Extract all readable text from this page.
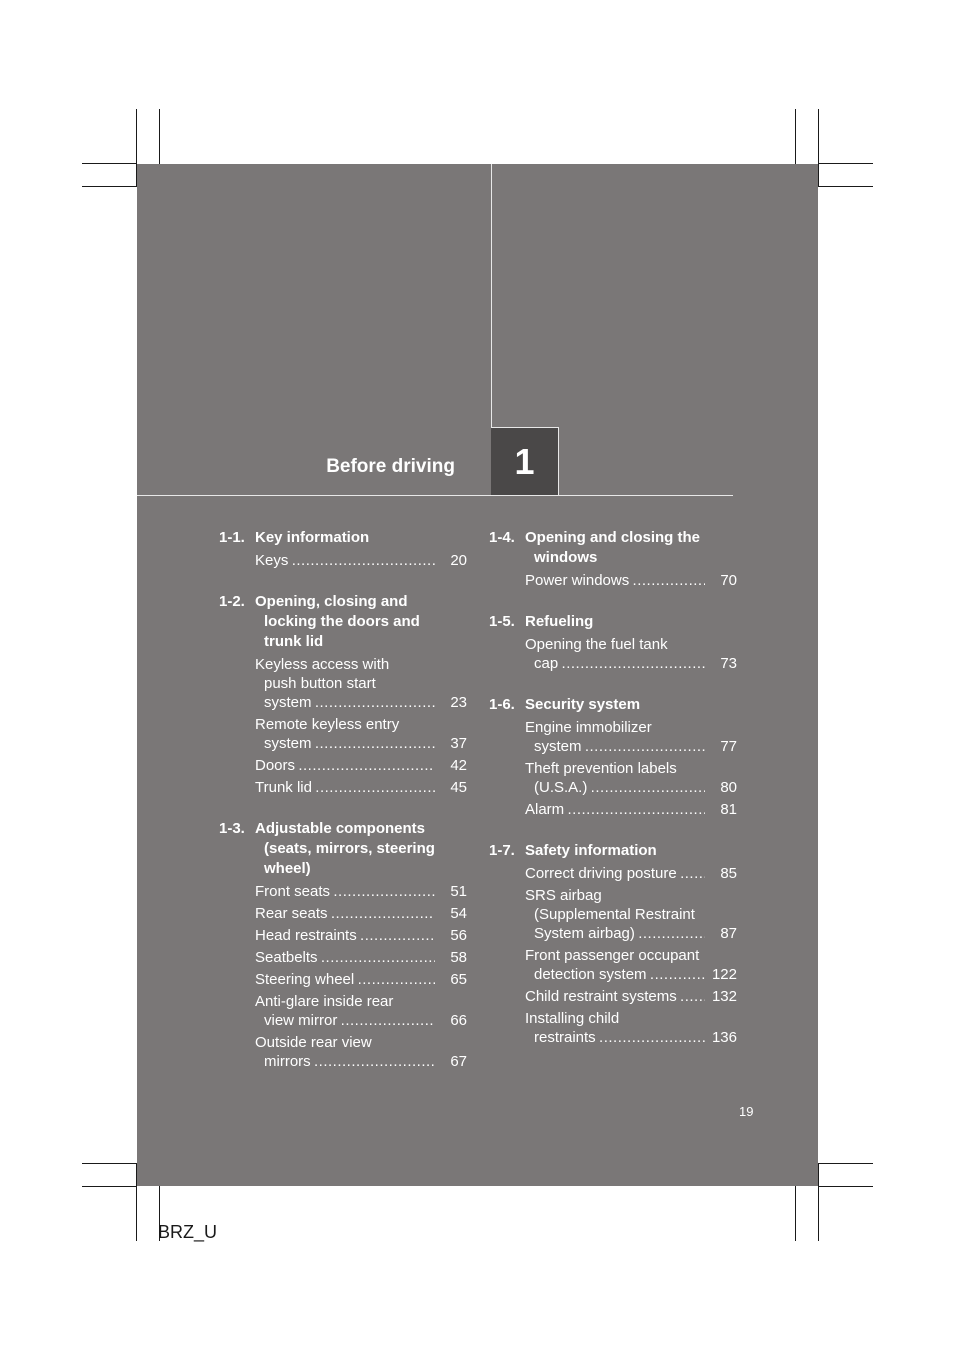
Before driving 1
1-1. Key information
Keys .....	20
1-2. Opening, closing and
locking the doors and
trunk lid
Keyless access with
push button start
system .....	23
Remote keyless entry
system .....	37
Doors .....	42
Trunk lid .....	45
1-3. Adjustable components
(seats, mirrors, steering
wheel)
Front seats .....	51
Rear seats .....	54
Head restraints .....	56
Seatbelts .....	58
Steering wheel .....	65
Anti-glare inside rear
view mirror .....	66
Outside rear view
mirrors .....	67
1-4. Opening and closing the
windows
Power windows .....	70
1-5. Refueling
Opening the fuel tank
cap .....	73
1-6. Security system
Engine immobilizer
system .....	77
Theft prevention labels
(U.S.A.) .....	80
Alarm .....	81
1-7. Safety information
Correct driving posture .....	85
SRS airbag
(Supplemental Restraint
System airbag) .....	87
Front passenger occupant
detection system .....	122
Child restraint systems .....	132
Installing child
restraints .....	136
19
BRZ_U
